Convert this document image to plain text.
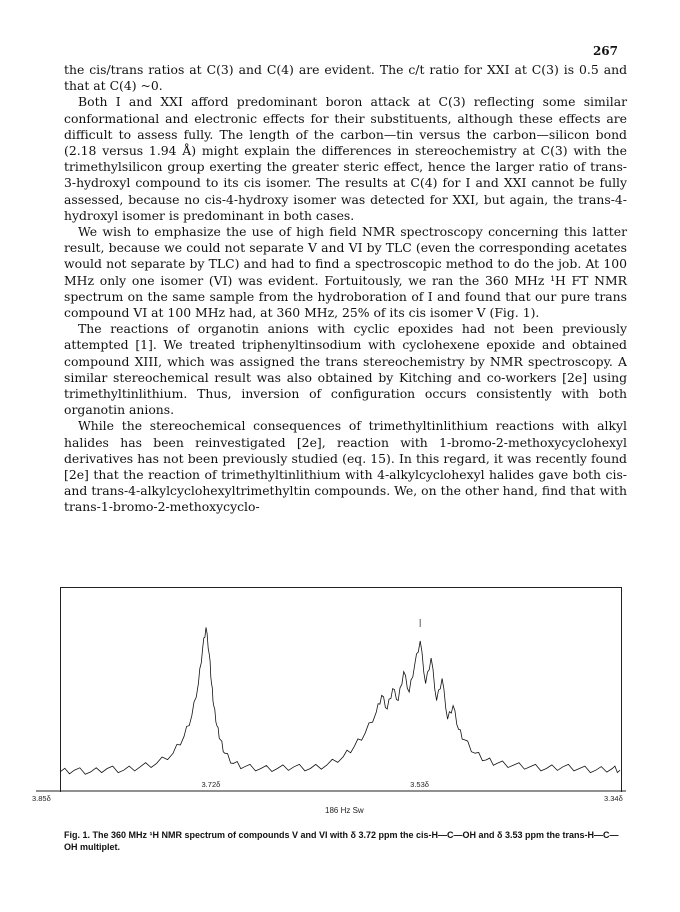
267

the cis/trans ratios at C(3) and C(4) are evident. The c/t ratio for XXI at C(3) is 0.5 and that at C(4) ~0.

Both I and XXI afford predominant boron attack at C(3) reflecting some similar conformational and electronic effects for their substituents, although these effects are difficult to assess fully. The length of the carbon—tin versus the carbon—silicon bond (2.18 versus 1.94 Å) might explain the differences in stereochemistry at C(3) with the trimethylsilicon group exerting the greater steric effect, hence the larger ratio of trans-3-hydroxyl compound to its cis isomer. The results at C(4) for I and XXI cannot be fully assessed, because no cis-4-hydroxy isomer was detected for XXI, but again, the trans-4-hydroxyl isomer is predominant in both cases.

We wish to emphasize the use of high field NMR spectroscopy concerning this latter result, because we could not separate V and VI by TLC (even the corresponding acetates would not separate by TLC) and had to find a spectroscopic method to do the job. At 100 MHz only one isomer (VI) was evident. Fortuitously, we ran the 360 MHz ¹H FT NMR spectrum on the same sample from the hydroboration of I and found that our pure trans compound VI at 100 MHz had, at 360 MHz, 25% of its cis isomer V (Fig. 1).

The reactions of organotin anions with cyclic epoxides had not been previously attempted [1]. We treated triphenyltinsodium with cyclohexene epoxide and obtained compound XIII, which was assigned the trans stereochemistry by NMR spectroscopy. A similar stereochemical result was also obtained by Kitching and co-workers [2e] using trimethyltinlithium. Thus, inversion of configuration occurs consistently with both organotin anions.

While the stereochemical consequences of trimethyltinlithium reactions with alkyl halides has been reinvestigated [2e], reaction with 1-bromo-2-methoxycyclohexyl derivatives has not been previously studied (eq. 15). In this regard, it was recently found [2e] that the reaction of trimethyltinlithium with 4-alkylcyclohexyl halides gave both cis- and trans-4-alkylcyclohexyltrimethyltin compounds. We, on the other hand, find that with trans-1-bromo-2-methoxycyclo-

3.72δ	3.53δ
3.85δ	3.34δ
186 Hz Sw
Fig. 1. The 360 MHz ¹H NMR spectrum of compounds V and VI with δ 3.72 ppm the cis-H—C—OH and δ 3.53 ppm the trans-H—C—OH multiplet.
